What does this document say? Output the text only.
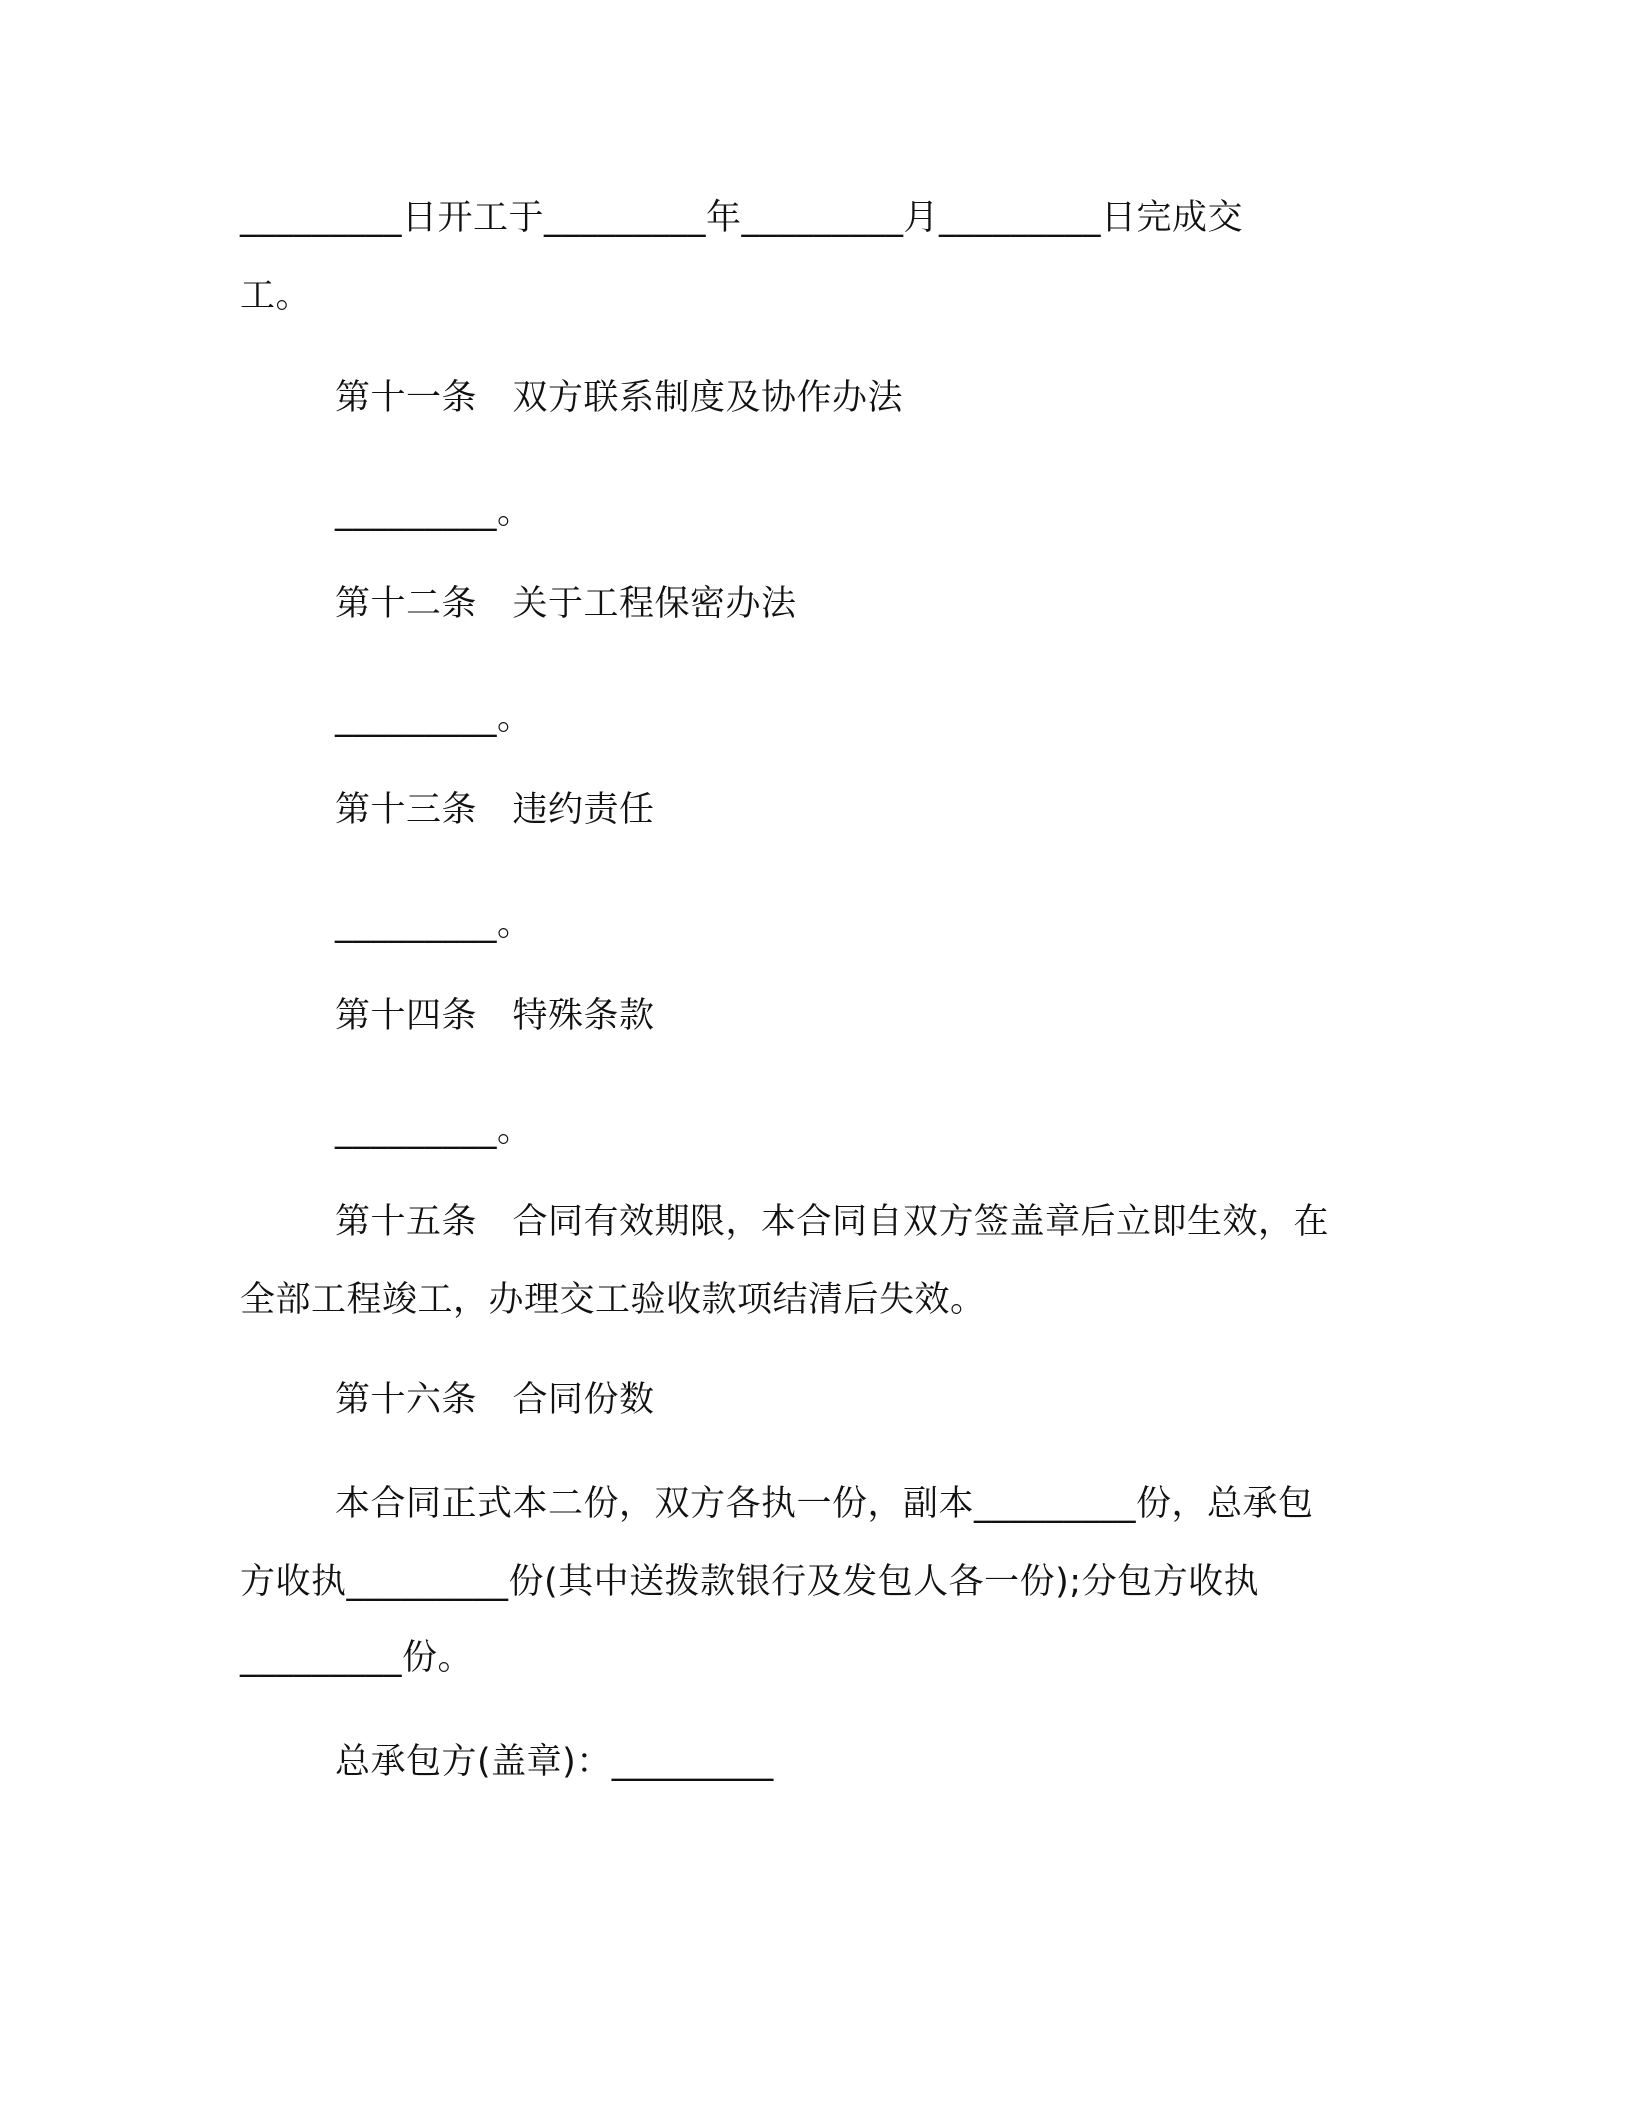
_________日开工于_________年_________月_________日完成交
工。
第十一条　双方联系制度及协作办法
_________。
第十二条　关于工程保密办法
_________。
第十三条　违约责任
_________。
第十四条　特殊条款
_________。
第十五条　合同有效期限，本合同自双方签盖章后立即生效，在
全部工程竣工，办理交工验收款项结清后失效。
第十六条　合同份数
本合同正式本二份，双方各执一份，副本_________份，总承包
方收执_________份(其中送拨款银行及发包人各一份);分包方收执
_________份。
总承包方(盖章)：_________
